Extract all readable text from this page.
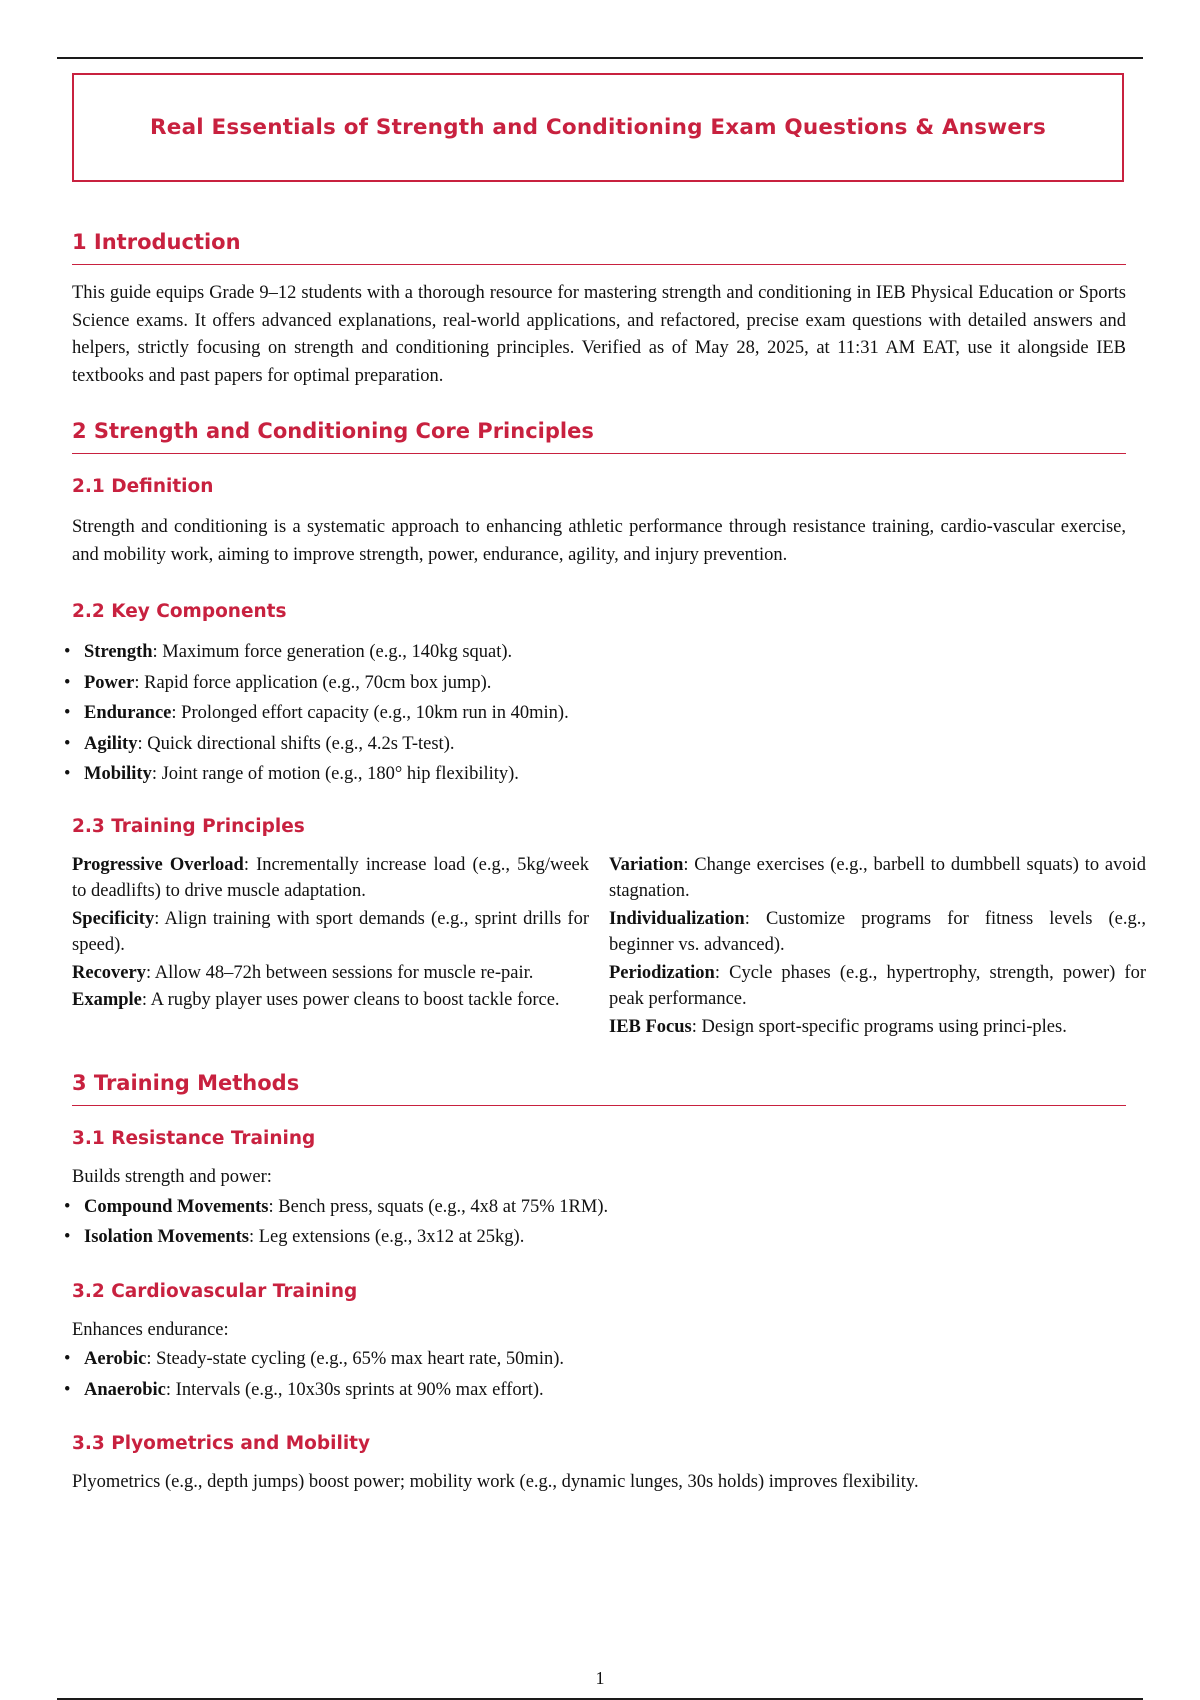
Real Essentials of Strength and Conditioning Exam Questions & Answers
1 Introduction

This guide equips Grade 9–12 students with a thorough resource for mastering strength and conditioning in IEB Physical Education or Sports Science exams. It offers advanced explanations, real-world applications, and refactored, precise exam questions with detailed answers and helpers, strictly focusing on strength and conditioning principles. Verified as of May 28, 2025, at 11:31 AM EAT, use it alongside IEB textbooks and past papers for optimal preparation.

2 Strength and Conditioning Core Principles
2.1 Definition

Strength and conditioning is a systematic approach to enhancing athletic performance through resistance training, cardio-vascular exercise, and mobility work, aiming to improve strength, power, endurance, agility, and injury prevention.

2.2 Key Components
• Strength: Maximum force generation (e.g., 140kg squat).
• Power: Rapid force application (e.g., 70cm box jump).
• Endurance: Prolonged effort capacity (e.g., 10km run in 40min).
• Agility: Quick directional shifts (e.g., 4.2s T-test).
• Mobility: Joint range of motion (e.g., 180° hip flexibility).
2.3 Training Principles

Progressive Overload: Incrementally increase load (e.g., 5kg/week to deadlifts) to drive muscle adaptation.

Specificity: Align training with sport demands (e.g., sprint drills for speed).

Recovery: Allow 48–72h between sessions for muscle re-pair.

Example: A rugby player uses power cleans to boost tackle force.

Variation: Change exercises (e.g., barbell to dumbbell squats) to avoid stagnation.

Individualization: Customize programs for fitness levels (e.g., beginner vs. advanced).

Periodization: Cycle phases (e.g., hypertrophy, strength, power) for peak performance.

IEB Focus: Design sport-specific programs using princi-ples.

3 Training Methods
3.1 Resistance Training

Builds strength and power:

• Compound Movements: Bench press, squats (e.g., 4x8 at 75% 1RM).
• Isolation Movements: Leg extensions (e.g., 3x12 at 25kg).
3.2 Cardiovascular Training

Enhances endurance:

• Aerobic: Steady-state cycling (e.g., 65% max heart rate, 50min).
• Anaerobic: Intervals (e.g., 10x30s sprints at 90% max effort).
3.3 Plyometrics and Mobility

Plyometrics (e.g., depth jumps) boost power; mobility work (e.g., dynamic lunges, 30s holds) improves flexibility.

1
